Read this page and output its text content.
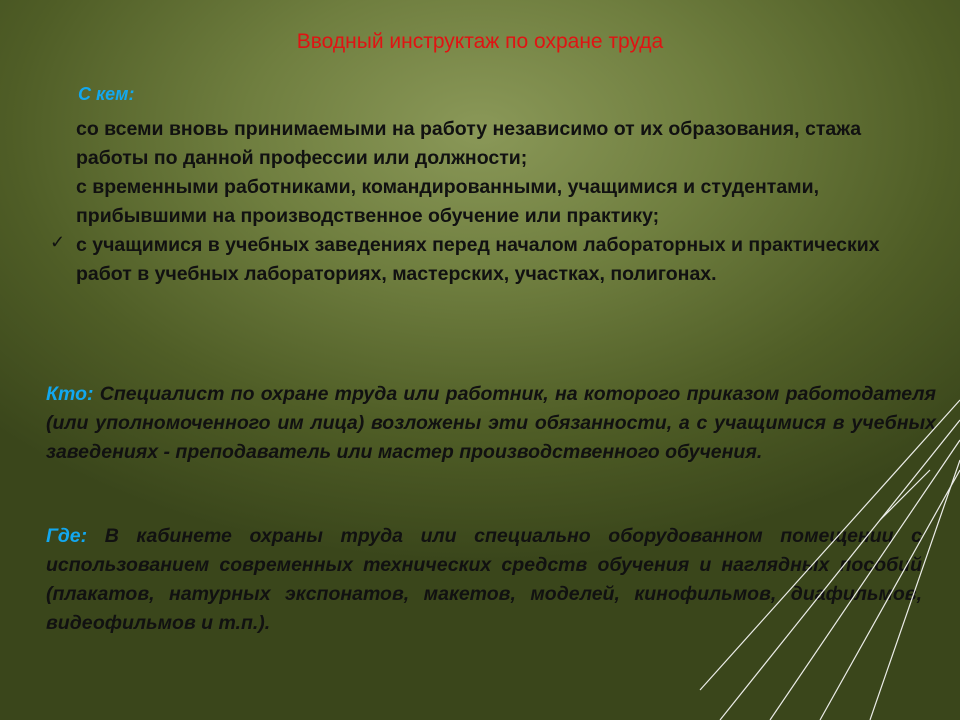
Вводный инструктаж по охране труда
С кем:
со всеми вновь принимаемыми на работу независимо от их образования, стажа работы по данной профессии или должности;
с временными работниками, командированными, учащимися и студентами, прибывшими на производственное обучение или практику;
✓ с учащимися в учебных заведениях перед началом лабораторных и практических работ в учебных лабораториях, мастерских, участках, полигонах.
Кто: Специалист по охране труда или работник, на которого приказом работодателя (или уполномоченного им лица) возложены эти обязанности, а с учащимися в учебных заведениях - преподаватель или мастер производственного обучения.
Где: В кабинете охраны труда или специально оборудованном помещении с использованием современных технических средств обучения и наглядных пособий (плакатов, натурных экспонатов, макетов, моделей, кинофильмов, диафильмов, видеофильмов и т.п.).
